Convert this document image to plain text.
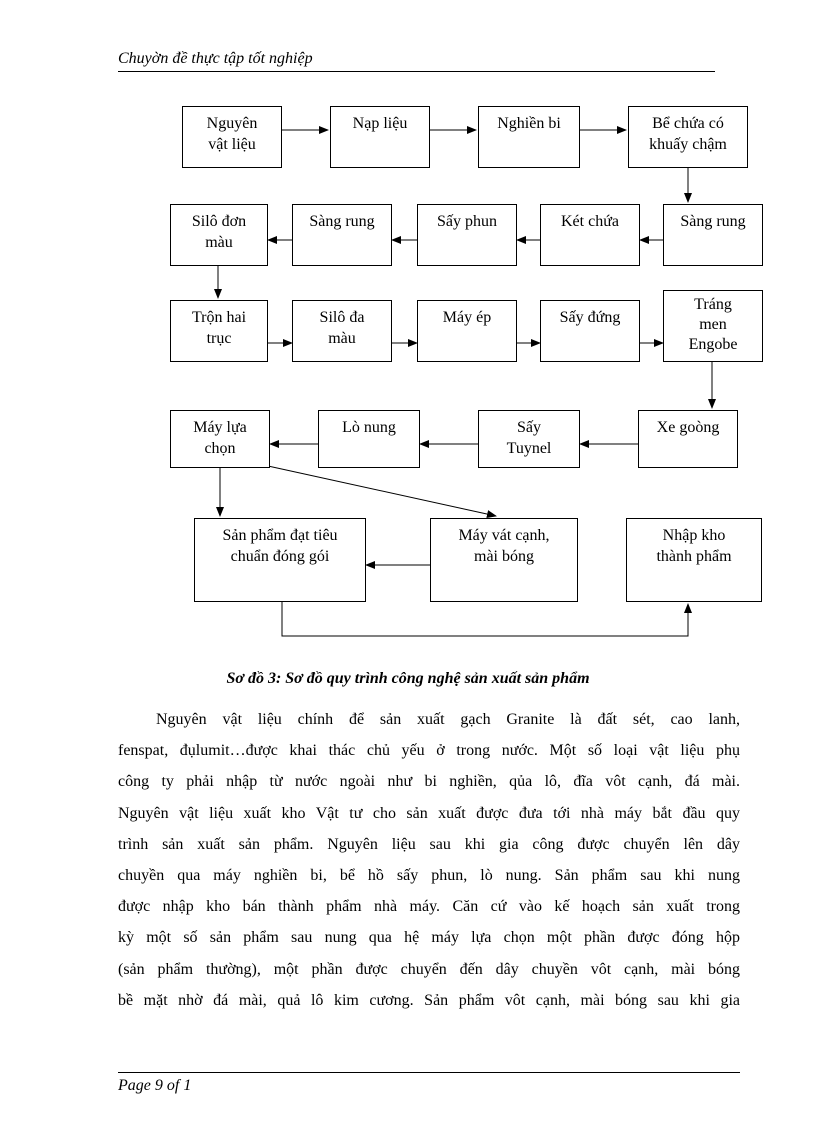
Chuyờn đề thực tập tốt nghiệp
Nguyên
vật liệu
Nạp liệu	Nghiền bi	Bể chứa có
khuấy chậm
Silô đơn
màu
Sàng rung	Sấy phun	Két chứa	Sàng rung
Trộn hai
trục
Silô đa
màu
Máy ép	Sấy đứng
Tráng
men
Engobe
Máy lựa
chọn
Lò nung	Sấy
Tuynel
Xe goòng
Sản phẩm đạt tiêu
chuẩn đóng gói
Máy vát cạnh,
mài bóng
Nhập kho
thành phẩm
Sơ đồ 3: Sơ đồ quy trình công nghệ sản xuất sản phẩm
Nguyên vật liệu chính để sản xuất gạch Granite là đất sét, cao lanh,
fenspat, đụlumit…được khai thác chủ yếu ở trong nước. Một số loại vật liệu phụ
công ty phải nhập từ nước ngoài như bi nghiền, qủa lô, đĩa vôt cạnh, đá mài.
Nguyên vật liệu xuất kho Vật tư cho sản xuất được đưa tới nhà máy bắt đầu quy
trình sản xuất sản phẩm. Nguyên liệu sau khi gia công được chuyển lên dây
chuyền qua máy nghiền bi, bể hồ sấy phun, lò nung. Sản phẩm sau khi nung
được nhập kho bán thành phẩm nhà máy. Căn cứ vào kế hoạch sản xuất trong
kỳ một số sản phẩm sau nung qua hệ máy lựa chọn một phần được đóng hộp
(sản phẩm thường), một phần được chuyển đến dây chuyền vôt cạnh, mài bóng
bề mặt nhờ đá mài, quả lô kim cương. Sản phẩm vôt cạnh, mài bóng sau khi gia
Page 9 of 1
